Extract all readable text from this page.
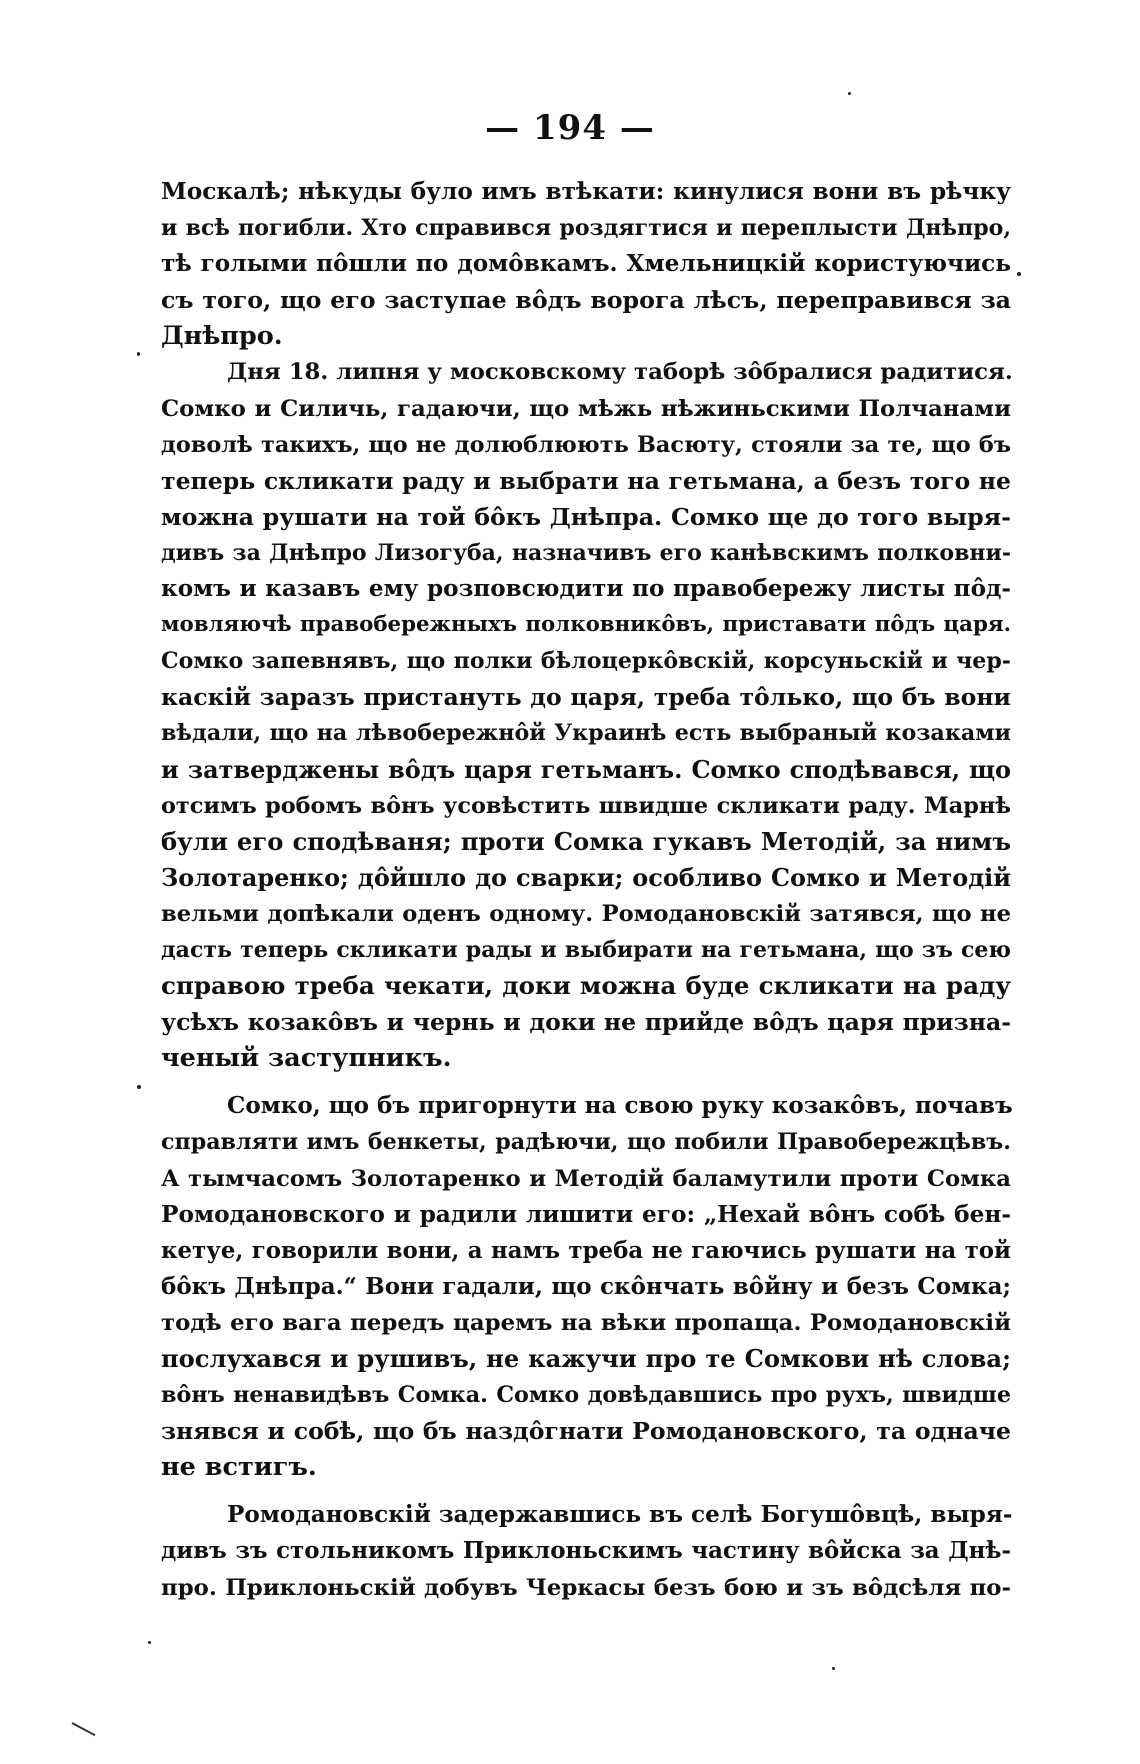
— 194 —
Москалѣ; нѣкуды було имъ втѣкати: кинулися вони въ рѣчку
и всѣ погибли. Хто справився роздягтися и переплысти Днѣпро,
тѣ голыми пôшли по домôвкамъ. Хмельницкiй користуючись
съ того, що его заступае вôдъ ворога лѣсъ, переправився за
Днѣпро.
Дня 18. липня у московскому таборѣ зôбралися радитися.
Сомко и Силичь, гадаючи, що мѣжь нѣжиньскими Полчанами
доволѣ такихъ, що не долюблюють Васюту, стояли за те, що бъ
теперь скликати раду и выбрати на гетьмана, а безъ того не
можна рушати на той бôкъ Днѣпра. Сомко ще до того выря-
дивъ за Днѣпро Лизогуба, назначивъ его канѣвскимъ полковни-
комъ и казавъ ему розповсюдити по правобережу листы пôд-
мовляючѣ правобережныхъ полковникôвъ, приставати пôдъ царя.
Сомко запевнявъ, що полки бѣлоцеркôвскiй, корсуньскiй и чер-
каскiй заразъ пристануть до царя, треба тôлько, що бъ вони
вѣдали, що на лѣвобережнôй Украинѣ есть выбраный козаками
и затверджены вôдъ царя гетьманъ. Сомко сподѣвався, що
отсимъ робомъ вôнъ усовѣстить швидше скликати раду. Марнѣ
були его сподѣваня; проти Сомка гукавъ Методiй, за нимъ
Золотаренко; дôйшло до сварки; особливо Сомко и Методiй
вельми допѣкали оденъ одному. Ромодановскiй затявся, що не
дасть теперь скликати рады и выбирати на гетьмана, що зъ сею
справою треба чекати, доки можна буде скликати на раду
усѣхъ козакôвъ и чернь и доки не прийде вôдъ царя призна-
ченый заступникъ.
Сомко, що бъ пригорнути на свою руку козакôвъ, почавъ
справляти имъ бенкеты, радѣючи, що побили Правобережцѣвъ.
А тымчасомъ Золотаренко и Методiй баламутили проти Сомка
Ромодановского и радили лишити его: „Нехай вôнъ собѣ бен-
кетуе, говорили вони, а намъ треба не гаючись рушати на той
бôкъ Днѣпра.“ Вони гадали, що скôнчать вôйну и безъ Сомка;
тодѣ его вага передъ царемъ на вѣки пропаща. Ромодановскiй
послухався и рушивъ, не кажучи про те Сомкови нѣ слова;
вôнъ ненавидѣвъ Сомка. Сомко довѣдавшись про рухъ, швидше
знявся и собѣ, що бъ наздôгнати Ромодановского, та одначе
не встигъ.
Ромодановскiй задержавшись въ селѣ Богушôвцѣ, выря-
дивъ зъ стольникомъ Приклоньскимъ частину вôйска за Днѣ-
про. Приклоньскiй добувъ Черкасы безъ бою и зъ вôдсѣля по-
